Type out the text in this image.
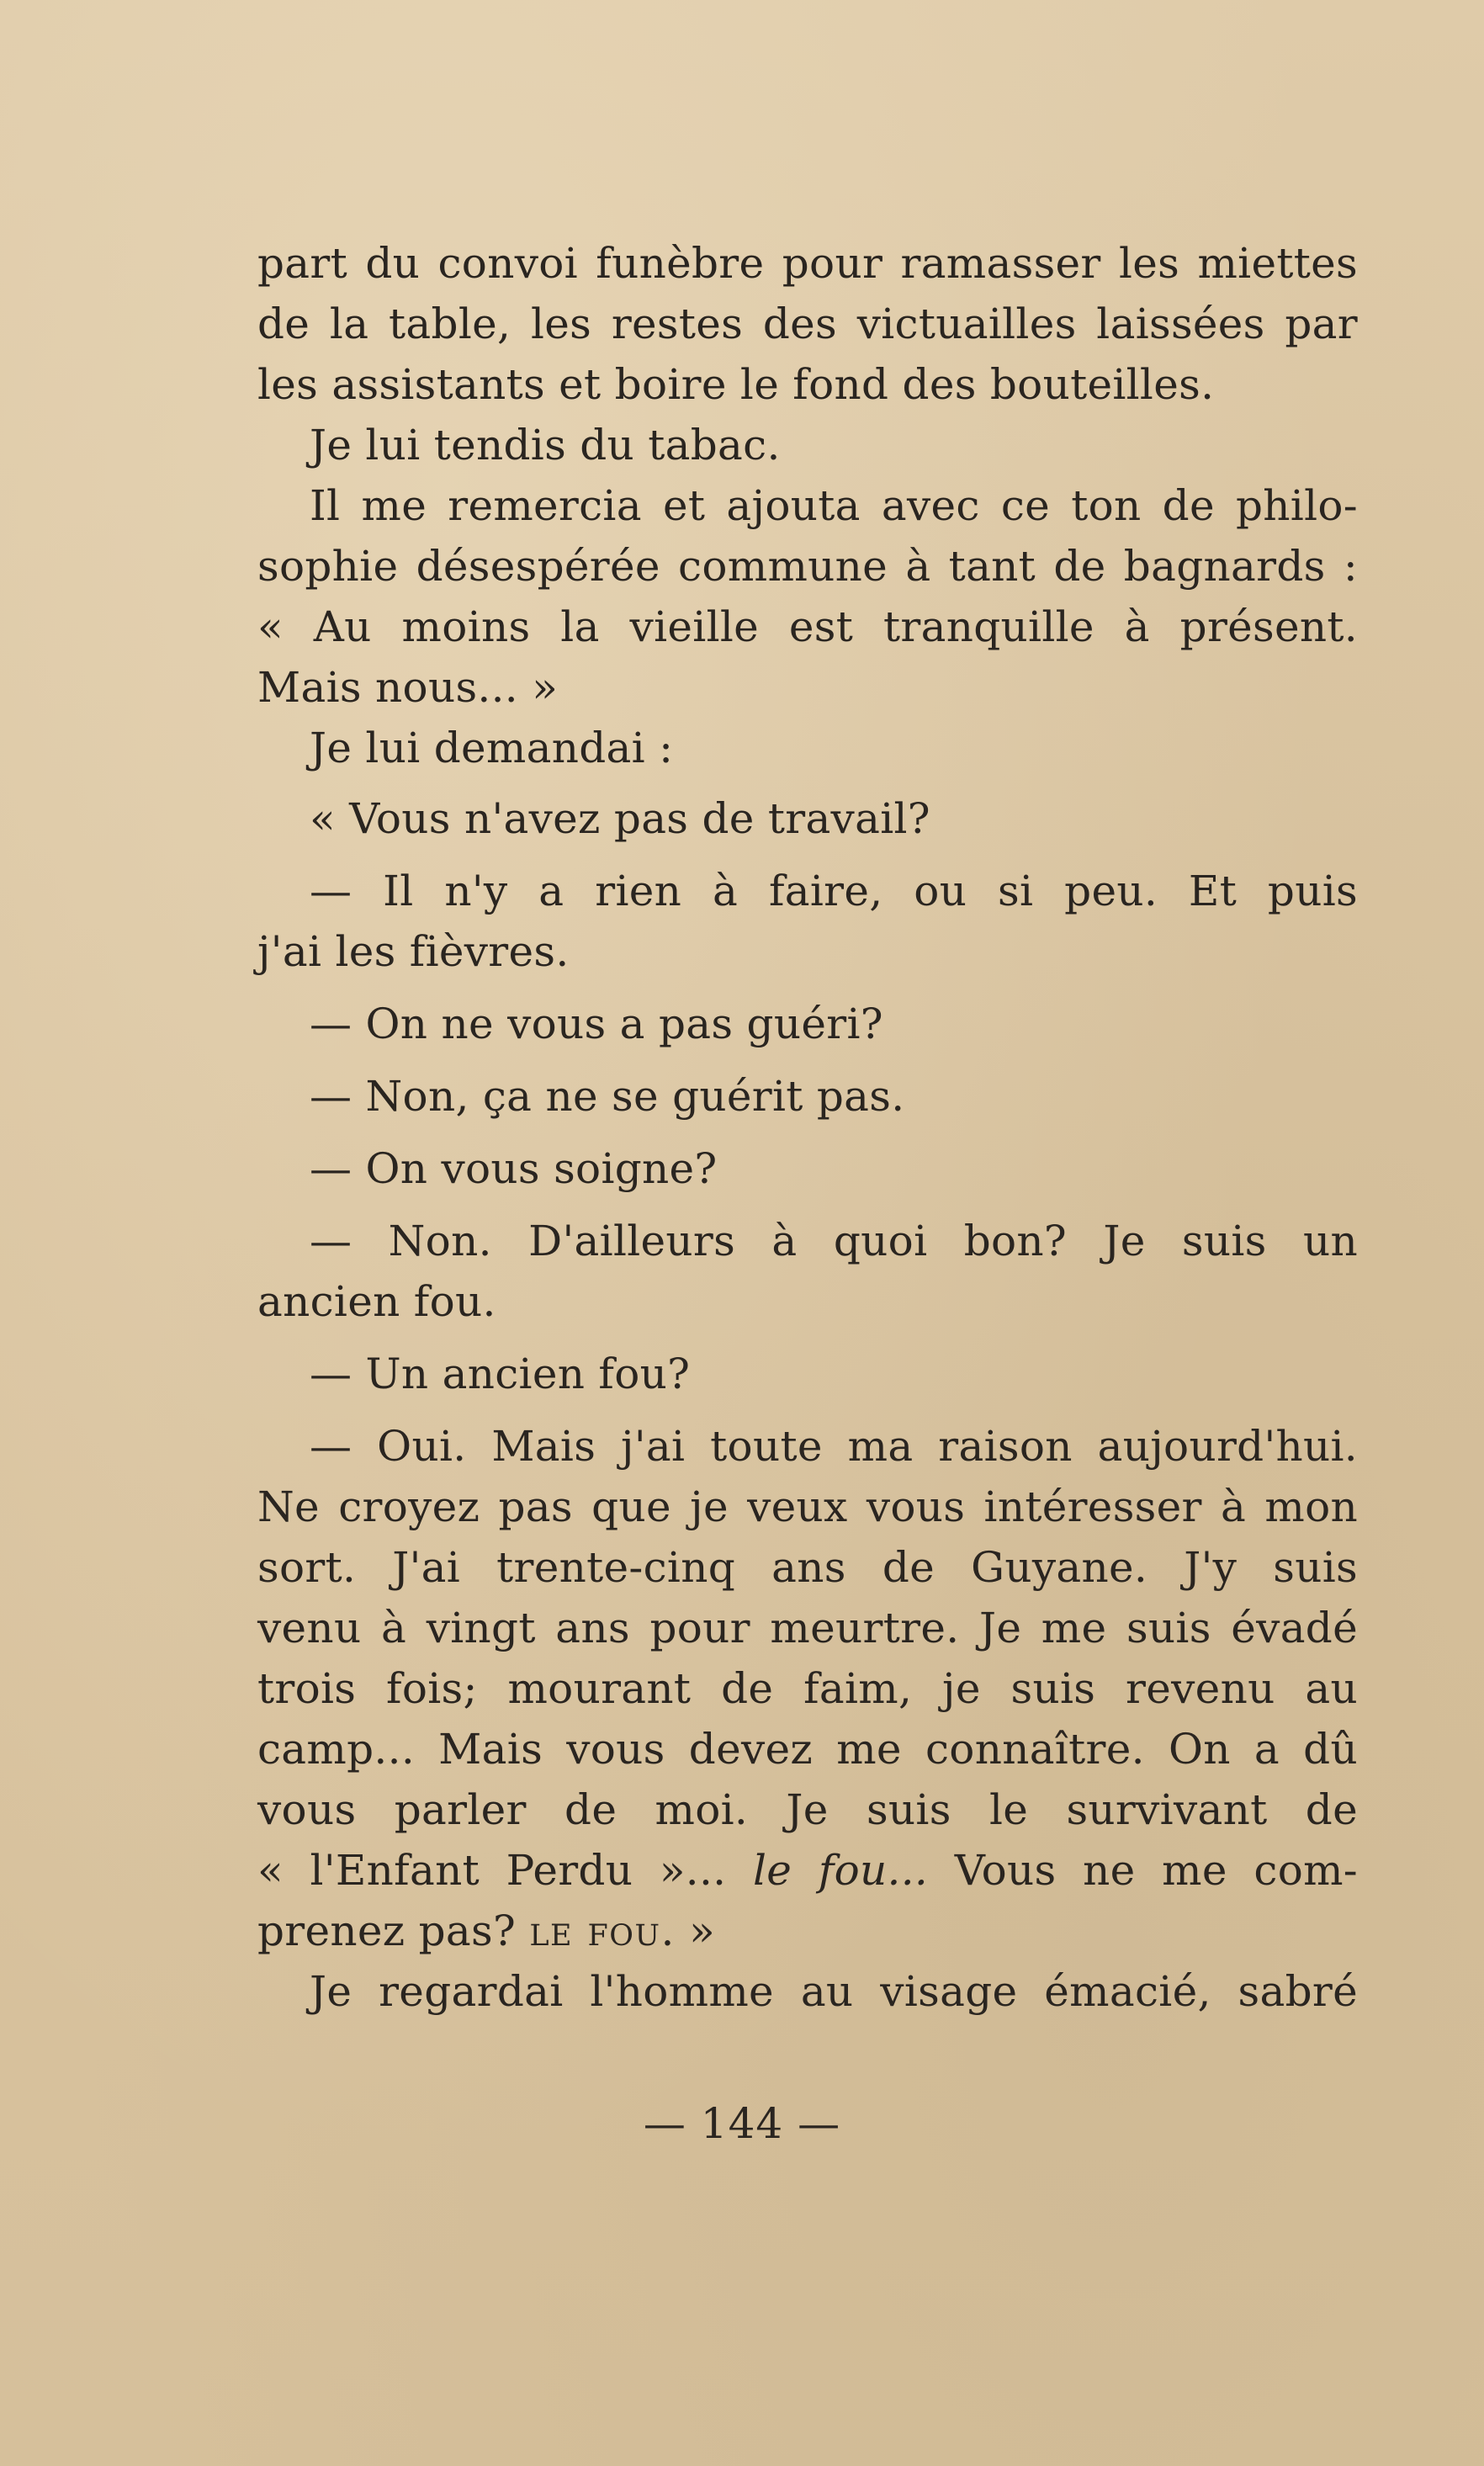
part du convoi funèbre pour ramasser les miettes
de la table, les restes des victuailles laissées par
les assistants et boire le fond des bouteilles.
Je lui tendis du tabac.
Il me remercia et ajouta avec ce ton de philo-
sophie désespérée commune à tant de bagnards :
« Au moins la vieille est tranquille à présent.
Mais nous... »
Je lui demandai :
« Vous n'avez pas de travail?
— Il n'y a rien à faire, ou si peu. Et puis
j'ai les fièvres.
— On ne vous a pas guéri?
— Non, ça ne se guérit pas.
— On vous soigne?
— Non. D'ailleurs à quoi bon? Je suis un
ancien fou.
— Un ancien fou?
— Oui. Mais j'ai toute ma raison aujourd'hui.
Ne croyez pas que je veux vous intéresser à mon
sort. J'ai trente-cinq ans de Guyane. J'y suis
venu à vingt ans pour meurtre. Je me suis évadé
trois fois; mourant de faim, je suis revenu au
camp... Mais vous devez me connaître. On a dû
vous parler de moi. Je suis le survivant de
« l'Enfant Perdu »... le fou... Vous ne me com-
prenez pas? le fou. »
Je regardai l'homme au visage émacié, sabré
— 144 —
